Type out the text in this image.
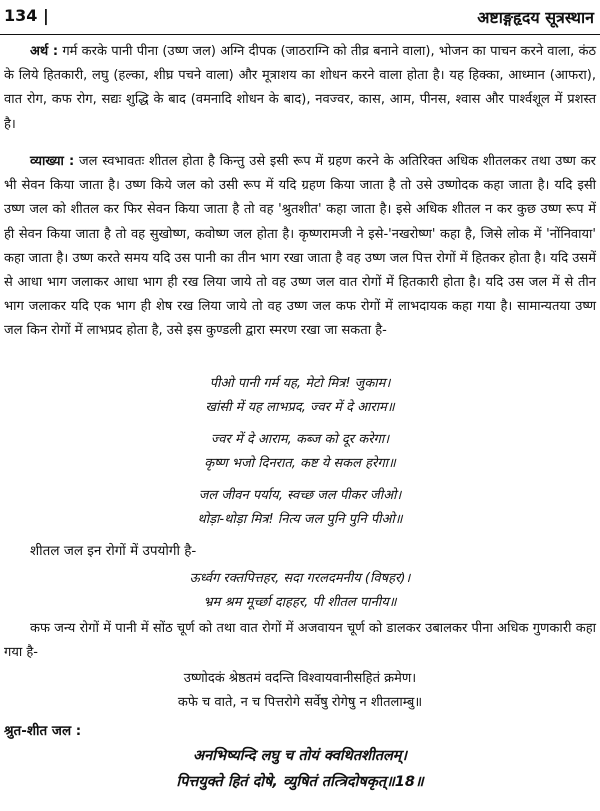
134 |	अष्टाङ्गहृदय सूत्रस्थान
अर्थ : गर्म करके पानी पीना (उष्ण जल) अग्नि दीपक (जाठराग्नि को तीव्र बनाने वाला), भोजन का पाचन करने वाला, कंठ के लिये हितकारी, लघु (हल्का, शीघ्र पचने वाला) और मूत्राशय का शोधन करने वाला होता है। यह हिक्का, आध्मान (आफरा), वात रोग, कफ रोग, सद्यः शुद्धि के बाद (वमनादि शोधन के बाद), नवज्वर, कास, आम, पीनस, श्वास और पार्श्वशूल में प्रशस्त है।
व्याख्या : जल स्वभावतः शीतल होता है किन्तु उसे इसी रूप में ग्रहण करने के अतिरिक्त अधिक शीतलकर तथा उष्ण कर भी सेवन किया जाता है। उष्ण किये जल को उसी रूप में यदि ग्रहण किया जाता है तो उसे उष्णोदक कहा जाता है। यदि इसी उष्ण जल को शीतल कर फिर सेवन किया जाता है तो वह 'श्रुतशीत' कहा जाता है। इसे अधिक शीतल न कर कुछ उष्ण रूप में ही सेवन किया जाता है तो वह सुखोष्ण, कवोष्ण जल होता है। कृष्णरामजी ने इसे-'नखरोष्ण' कहा है, जिसे लोक में 'नोंनिवाया' कहा जाता है। उष्ण करते समय यदि उस पानी का तीन भाग रखा जाता है वह उष्ण जल पित्त रोगों में हितकर होता है। यदि उसमें से आधा भाग जलाकर आधा भाग ही रख लिया जाये तो वह उष्ण जल वात रोगों में हितकारी होता है। यदि उस जल में से तीन भाग जलाकर यदि एक भाग ही शेष रख लिया जाये तो वह उष्ण जल कफ रोगों में लाभदायक कहा गया है। सामान्यतया उष्ण जल किन रोगों में लाभप्रद होता है, उसे इस कुण्डली द्वारा स्मरण रखा जा सकता है-
पीओ पानी गर्म यह, मेटो मित्र! जुकाम।
खांसी में यह लाभप्रद, ज्वर में दे आराम॥
ज्वर में दे आराम, कब्ज को दूर करेगा।
कृष्ण भजो दिनरात, कष्ट ये सकल हरेगा॥
जल जीवन पर्याय, स्वच्छ जल पीकर जीओ।
थोड़ा-थोड़ा मित्र! नित्य जल पुनि पुनि पीओ॥
शीतल जल इन रोगों में उपयोगी है-
ऊर्ध्वग रक्तपित्तहर, सदा गरलदमनीय (विषहर)।
भ्रम श्रम मूर्च्छा दाहहर, पी शीतल पानीय॥
कफ जन्य रोगों में पानी में सोंठ चूर्ण को तथा वात रोगों में अजवायन चूर्ण को डालकर उबालकर पीना अधिक गुणकारी कहा गया है-
उष्णोदकं श्रेष्ठतमं वदन्ति विश्वायवानीसहितं क्रमेण।
कफे च वाते, न च पित्तरोगे सर्वेषु रोगेषु न शीतलाम्बु॥
श्रुत-शीत जल :
अनभिष्यन्दि लघु च तोयं क्वथितशीतलम्।
पित्तयुक्ते हितं दोषे, व्युषितं तत्त्रिदोषकृत्॥18॥
